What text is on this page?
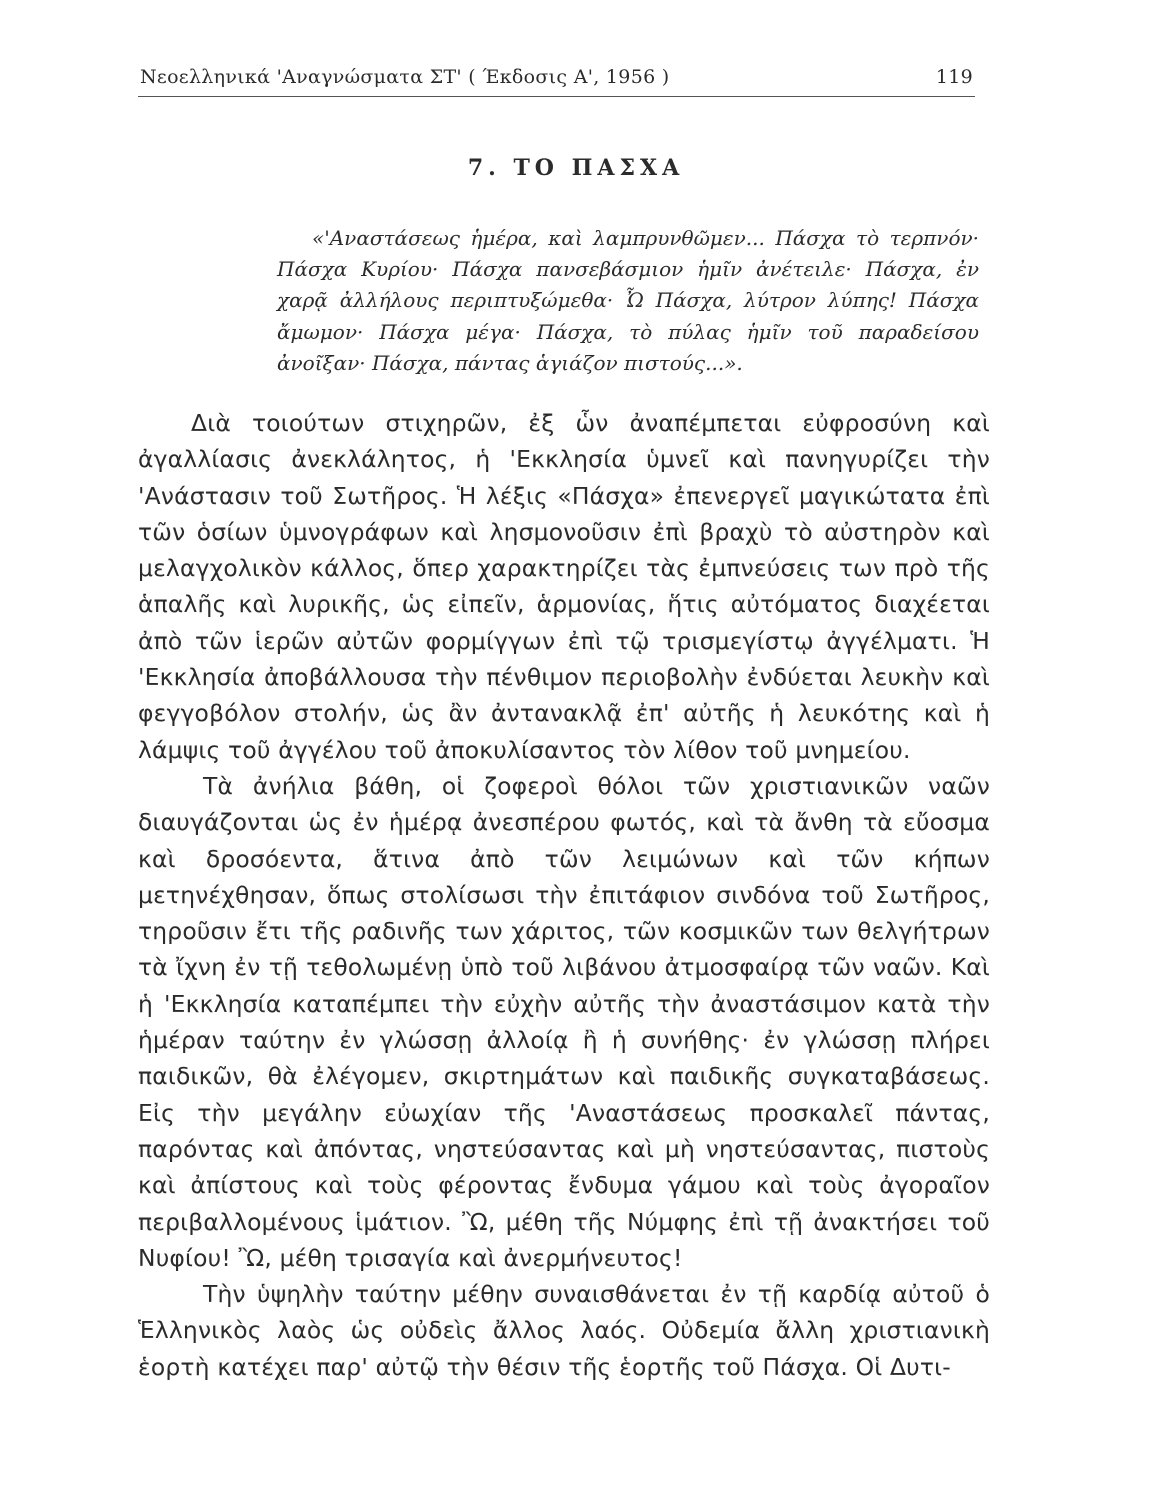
Νεοελληνικά 'Αναγνώσματα ΣΤ' ( Έκδοσις Α', 1956 )	119
7. ΤΟ ΠΑΣΧΑ

«'Αναστάσεως ἡμέρα, καὶ λαμπρυνθῶμεν... Πάσχα τὸ τερπνόν· Πάσχα Κυρίου· Πάσχα πανσεβάσμιον ἡμῖν ἀνέτειλε· Πάσχα, ἐν χαρᾷ ἀλλήλους περιπτυξώμεθα· Ὦ Πάσχα, λύτρον λύπης! Πάσχα ἄμωμον· Πάσχα μέγα· Πάσχα, τὸ πύλας ἡμῖν τοῦ παραδείσου ἀνοῖξαν· Πάσχα, πάντας ἁγιάζον πιστούς...».

Διὰ τοιούτων στιχηρῶν, ἐξ ὧν ἀναπέμπεται εὐφροσύνη καὶ ἀγαλλίασις ἀνεκλάλητος, ἡ 'Εκκλησία ὑμνεῖ καὶ πανηγυρίζει τὴν 'Ανάστασιν τοῦ Σωτῆρος. Ἡ λέξις «Πάσχα» ἐπενεργεῖ μαγικώτατα ἐπὶ τῶν ὁσίων ὑμνογράφων καὶ λησμονοῦσιν ἐπὶ βραχὺ τὸ αὐστηρὸν καὶ μελαγχολικὸν κάλλος, ὅπερ χαρακτηρίζει τὰς ἐμπνεύσεις των πρὸ τῆς ἁπαλῆς καὶ λυρικῆς, ὡς εἰπεῖν, ἁρμονίας, ἥτις αὐτόματος διαχέεται ἀπὸ τῶν ἱερῶν αὐτῶν φορμίγγων ἐπὶ τῷ τρισμεγίστῳ ἀγγέλματι. Ἡ 'Εκκλησία ἀποβάλλουσα τὴν πένθιμον περιοβολὴν ἐνδύεται λευκὴν καὶ φεγγοβόλον στολήν, ὡς ἂν ἀντανακλᾷ ἐπ' αὐτῆς ἡ λευκότης καὶ ἡ λάμψις τοῦ ἀγγέλου τοῦ ἀποκυλίσαντος τὸν λίθον τοῦ μνημείου.

Τὰ ἀνήλια βάθη, οἱ ζοφεροὶ θόλοι τῶν χριστιανικῶν ναῶν διαυγάζονται ὡς ἐν ἡμέρᾳ ἀνεσπέρου φωτός, καὶ τὰ ἄνθη τὰ εὔοσμα καὶ δροσόεντα, ἅτινα ἀπὸ τῶν λειμώνων καὶ τῶν κήπων μετηνέχθησαν, ὅπως στολίσωσι τὴν ἐπιτάφιον σινδόνα τοῦ Σωτῆρος, τηροῦσιν ἔτι τῆς ραδινῆς των χάριτος, τῶν κοσμικῶν των θελγήτρων τὰ ἴχνη ἐν τῇ τεθολωμένῃ ὑπὸ τοῦ λιβάνου ἀτμοσφαίρᾳ τῶν ναῶν. Καὶ ἡ 'Εκκλησία καταπέμπει τὴν εὐχὴν αὐτῆς τὴν ἀναστάσιμον κατὰ τὴν ἡμέραν ταύτην ἐν γλώσσῃ ἀλλοίᾳ ἢ ἡ συνήθης· ἐν γλώσσῃ πλήρει παιδικῶν, θὰ ἐλέγομεν, σκιρτημάτων καὶ παιδικῆς συγκαταβάσεως. Εἰς τὴν μεγάλην εὐωχίαν τῆς 'Αναστάσεως προσκαλεῖ πάντας, παρόντας καὶ ἀπόντας, νηστεύσαντας καὶ μὴ νηστεύσαντας, πιστοὺς καὶ ἀπίστους καὶ τοὺς φέροντας ἔνδυμα γάμου καὶ τοὺς ἀγοραῖον περιβαλλομένους ἱμάτιον. Ὢ, μέθη τῆς Νύμφης ἐπὶ τῇ ἀνακτήσει τοῦ Νυφίου! Ὢ, μέθη τρισαγία καὶ ἀνερμήνευτος!

Τὴν ὑψηλὴν ταύτην μέθην συναισθάνεται ἐν τῇ καρδίᾳ αὐτοῦ ὁ Ἑλληνικὸς λαὸς ὡς οὐδεὶς ἄλλος λαός. Οὐδεμία ἄλλη χριστιανικὴ ἑορτὴ κατέχει παρ' αὐτῷ τὴν θέσιν τῆς ἑορτῆς τοῦ Πάσχα. Οἱ Δυτι-
